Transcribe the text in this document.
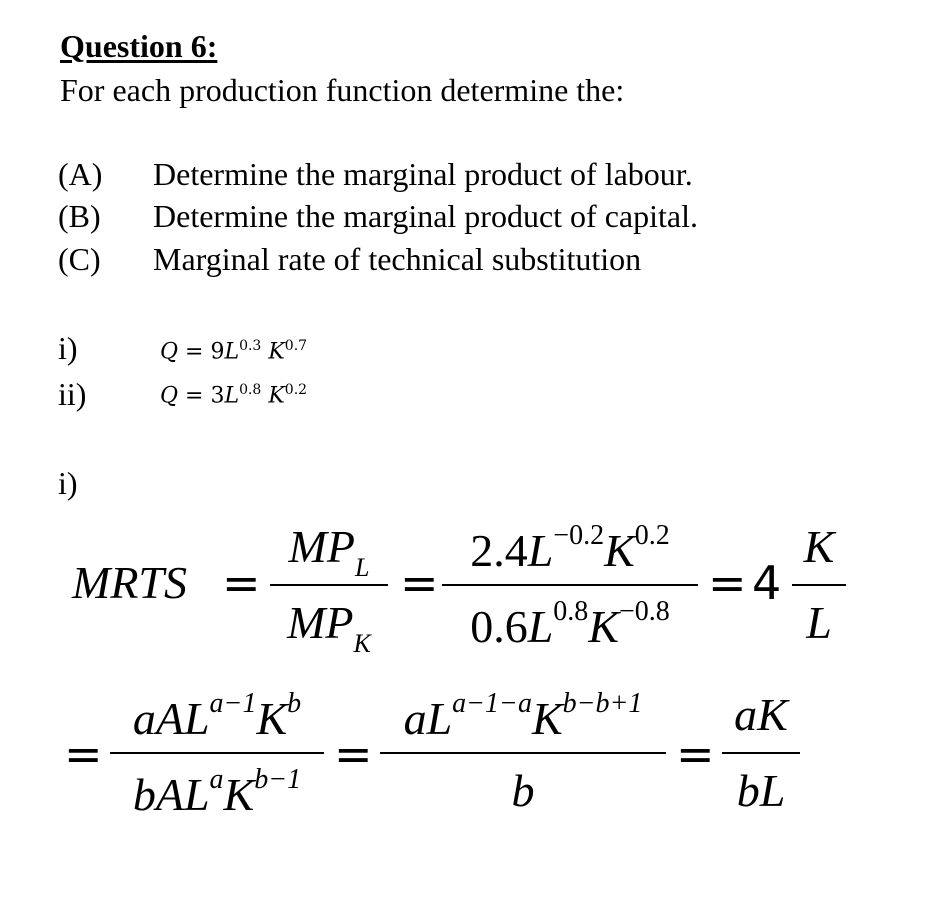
Question 6:
For each production function determine the:
(A) Determine the marginal product of labour.
(B) Determine the marginal product of capital.
(C) Marginal rate of technical substitution
i)	$Q = 9L^{0.3}$ $K^{0.7}$
ii)	$Q = 3L^{0.8}$ $K^{0.2}$
i)
MRTS =
$MP_L$
$MP_K$
=
$2.4L^{-0.2}K^{0.2}$
$0.6L^{0.8}K^{-0.8}$
= 4
K
L
=
$aAL^{a-1}K^b$
$bAL^aK^{b-1}$ =
$aL^{a-1-a}K^{b-b+1}$
b
=
aK
bL
